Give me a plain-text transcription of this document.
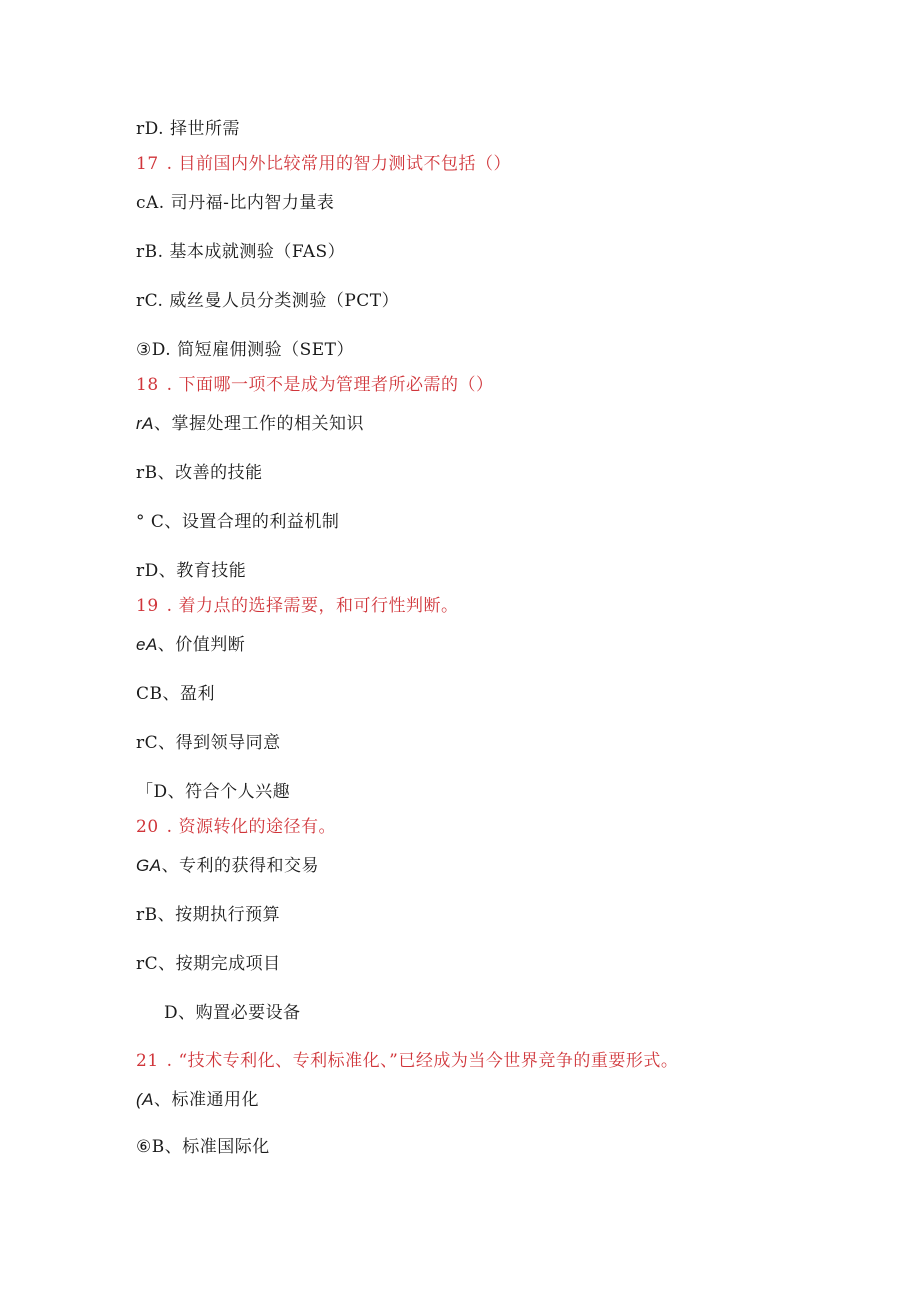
rD. 择世所需
17 . 目前国内外比较常用的智力测试不包括（）
cA. 司丹福-比内智力量表
rB. 基本成就测验（FAS）
rC. 威丝曼人员分类测验（PCT）
③D. 简短雇佣测验（SET）
18 . 下面哪一项不是成为管理者所必需的（）
rA、掌握处理工作的相关知识
rB、改善的技能
° C、设置合理的利益机制
rD、教育技能
19 . 着力点的选择需要，和可行性判断。
eA、价值判断
CB、盈利
rC、得到领导同意
「D、符合个人兴趣
20 . 资源转化的途径有。
GA、专利的获得和交易
rB、按期执行预算
rC、按期完成项目
D、购置必要设备
21 . “技术专利化、专利标准化、”已经成为当今世界竞争的重要形式。
(A、标准通用化
⑥B、标准国际化
